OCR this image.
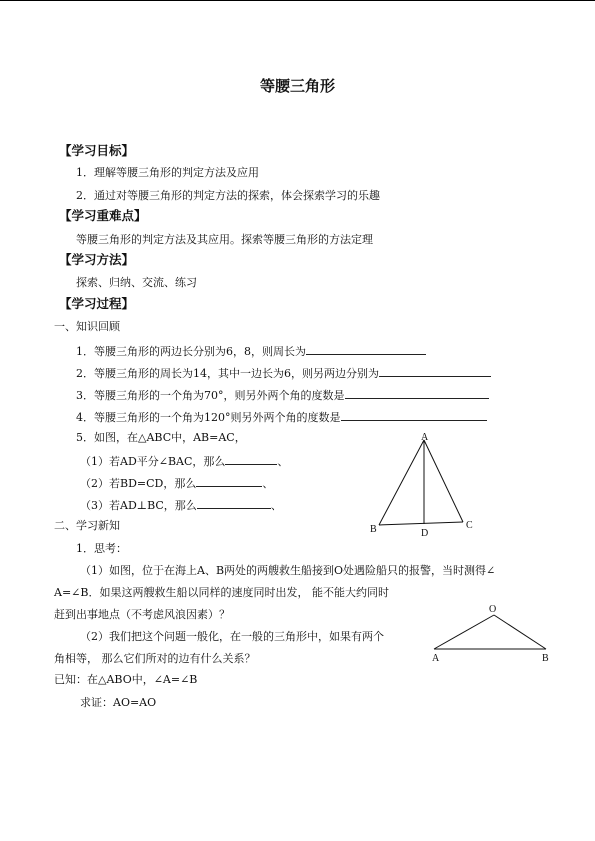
等腰三角形
【学习目标】
1．理解等腰三角形的判定方法及应用
2．通过对等腰三角形的判定方法的探索，体会探索学习的乐趣
【学习重难点】
等腰三角形的判定方法及其应用。探索等腰三角形的方法定理
【学习方法】
探索、归纳、交流、练习
【学习过程】
一、知识回顾
1．等腰三角形的两边长分别为6，8，则周长为
2．等腰三角形的周长为14，其中一边长为6，则另两边分别为
3．等腰三角形的一个角为70°，则另外两个角的度数是
4．等腰三角形的一个角为120°则另外两个角的度数是
5．如图，在△ABC中，AB=AC，
（1）若AD平分∠BAC，那么	、
（2）若BD=CD，那么	、
（3）若AD⊥BC，那么	、
A
B	C
D
二、学习新知
1．思考：
（1）如图，位于在海上A、B两处的两艘救生船接到O处遇险船只的报警，当时测得∠
A=∠B．如果这两艘救生船以同样的速度同时出发， 能不能大约同时
赶到出事地点（不考虑风浪因素）？
（2）我们把这个问题一般化，在一般的三角形中，如果有两个
角相等， 那么它们所对的边有什么关系？
O
A	B
已知：在△ABO中，∠A=∠B
求证：AO=AO
